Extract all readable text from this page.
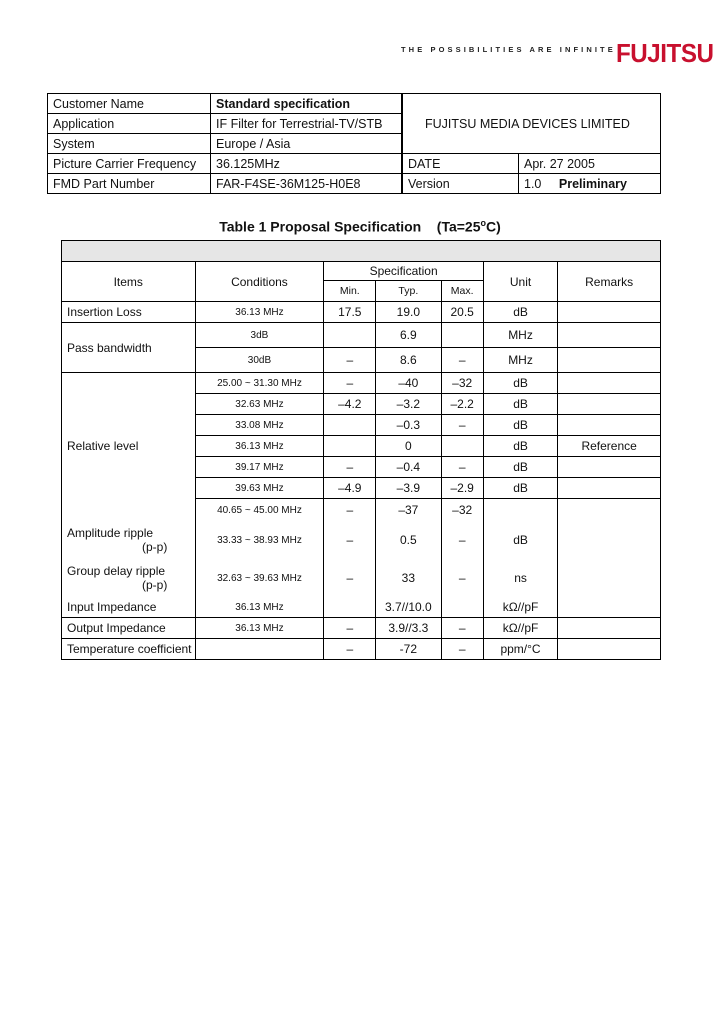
THE POSSIBILITIES ARE INFINITE FUJITSU
Customer Name	Standard specification	FUJITSU MEDIA DEVICES LIMITED	
Application	IF Filter for Terrestrial-TV/STB		
System	Europe / Asia		
Picture Carrier Frequency	36.125MHz	DATE	Apr. 27 2005
FMD Part Number	FAR-F4SE-36M125-H0E8	Version	1.0 Preliminary
Table 1 Proposal Specification $(Ta=25^oC)$

Items	Conditions	Specification			Unit	Remarks
		Min.	Typ.	Max.		
Insertion Loss	36.13 MHz	17.5	19.0	20.5	dB	
Pass bandwidth	3dB		6.9		MHz	
	30dB	–	8.6	–	MHz	
Relative level	25.00 ~ 31.30 MHz	–	–40	–32	dB	
	32.63 MHz	–4.2	–3.2	–2.2	dB	
	33.08 MHz		–0.3	–	dB	
	36.13 MHz		0		dB	Reference
	39.17 MHz	–	–0.4	–	dB	
	39.63 MHz	–4.9	–3.9	–2.9	dB	
	40.65 ~ 45.00 MHz	–	–37	–32		
Amplitude ripple
(p-p)	33.33 ~ 38.93 MHz	–	0.5	–	dB	
Group delay ripple
(p-p)	32.63 ~ 39.63 MHz	–	33	–	ns	
Input Impedance	36.13 MHz		3.7//10.0		kΩ//pF	
Output Impedance	36.13 MHz	–	3.9//3.3	–	kΩ//pF	
Temperature coefficient		–	-72	–	ppm/°C	
